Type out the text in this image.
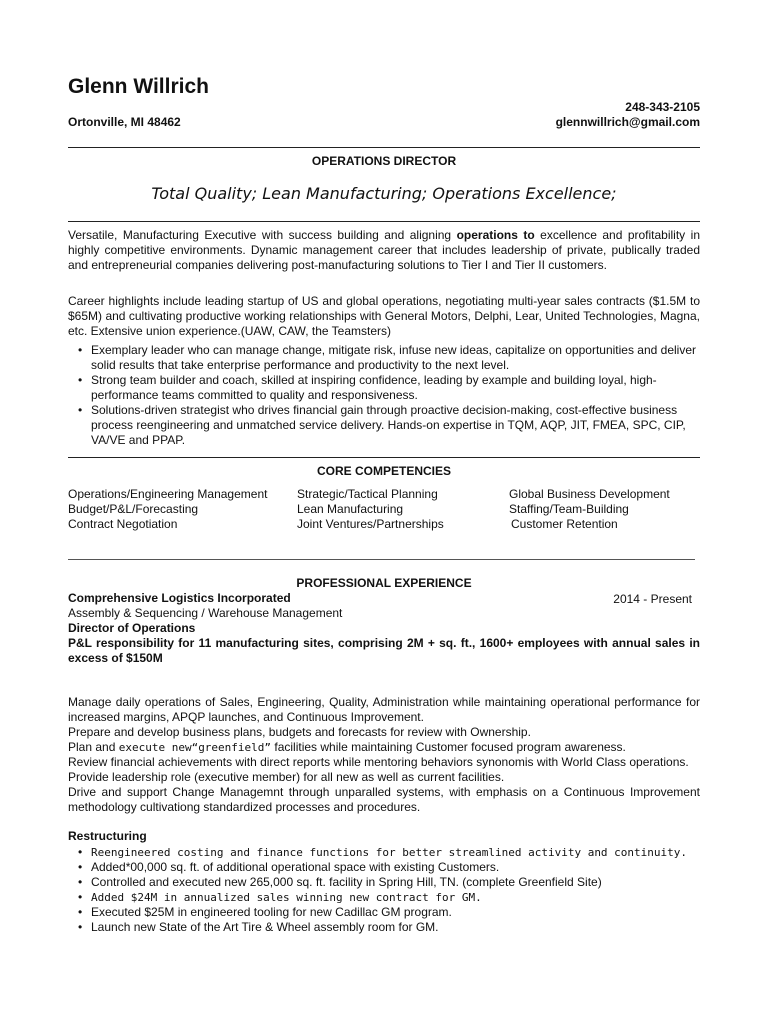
Glenn Willrich
248-343-2105
Ortonville, MI 48462	glennwillrich@gmail.com
OPERATIONS DIRECTOR
Total Quality; Lean Manufacturing; Operations Excellence;

Versatile, Manufacturing Executive with success building and aligning operations to excellence and profitability in highly competitive environments. Dynamic management career that includes leadership of private, publically traded and entrepreneurial companies delivering post-manufacturing solutions to Tier I and Tier II customers.

Career highlights include leading startup of US and global operations, negotiating multi-year sales contracts ($1.5M to $65M) and cultivating productive working relationships with General Motors, Delphi, Lear, United Technologies, Magna, etc. Extensive union experience.(UAW, CAW, the Teamsters)
• Exemplary leader who can manage change, mitigate risk, infuse new ideas, capitalize on opportunities and deliver solid results that take enterprise performance and productivity to the next level.
• Strong team builder and coach, skilled at inspiring confidence, leading by example and building loyal, high-performance teams committed to quality and responsiveness.
• Solutions-driven strategist who drives financial gain through proactive decision-making, cost-effective business process reengineering and unmatched service delivery. Hands-on expertise in TQM, AQP, JIT, FMEA, SPC, CIP, VA/VE and PPAP.
CORE COMPETENCIES
Operations/Engineering Management
Budget/P&L/Forecasting
Contract Negotiation
Strategic/Tactical Planning
Lean Manufacturing
Joint Ventures/Partnerships
Global Business Development
Staffing/Team-Building
Customer Retention
PROFESSIONAL EXPERIENCE
Comprehensive Logistics Incorporated	2014 - Present
Assembly & Sequencing / Warehouse Management
Director of Operations
P&L responsibility for 11 manufacturing sites, comprising 2M + sq. ft., 1600+ employees with annual sales in excess of $150M

Manage daily operations of Sales, Engineering, Quality, Administration while maintaining operational performance for increased margins, APQP launches, and Continuous Improvement.

Prepare and develop business plans, budgets and forecasts for review with Ownership.

Plan and execute new“greenfield” facilities while maintaining Customer focused program awareness.

Review financial achievements with direct reports while mentoring behaviors synonomis with World Class operations.

Provide leadership role (executive member) for all new as well as current facilities.

Drive and support Change Managemnt through unparalled systems, with emphasis on a Continuous Improvement methodology cultivationg standardized processes and procedures.

Restructuring
• Reengineered costing and finance functions for better streamlined activity and continuity.
• Added*00,000 sq. ft. of additional operational space with existing Customers.
• Controlled and executed new 265,000 sq. ft. facility in Spring Hill, TN. (complete Greenfield Site)
• Added $24M in annualized sales winning new contract for GM.
• Executed $25M in engineered tooling for new Cadillac GM program.
• Launch new State of the Art Tire & Wheel assembly room for GM.
